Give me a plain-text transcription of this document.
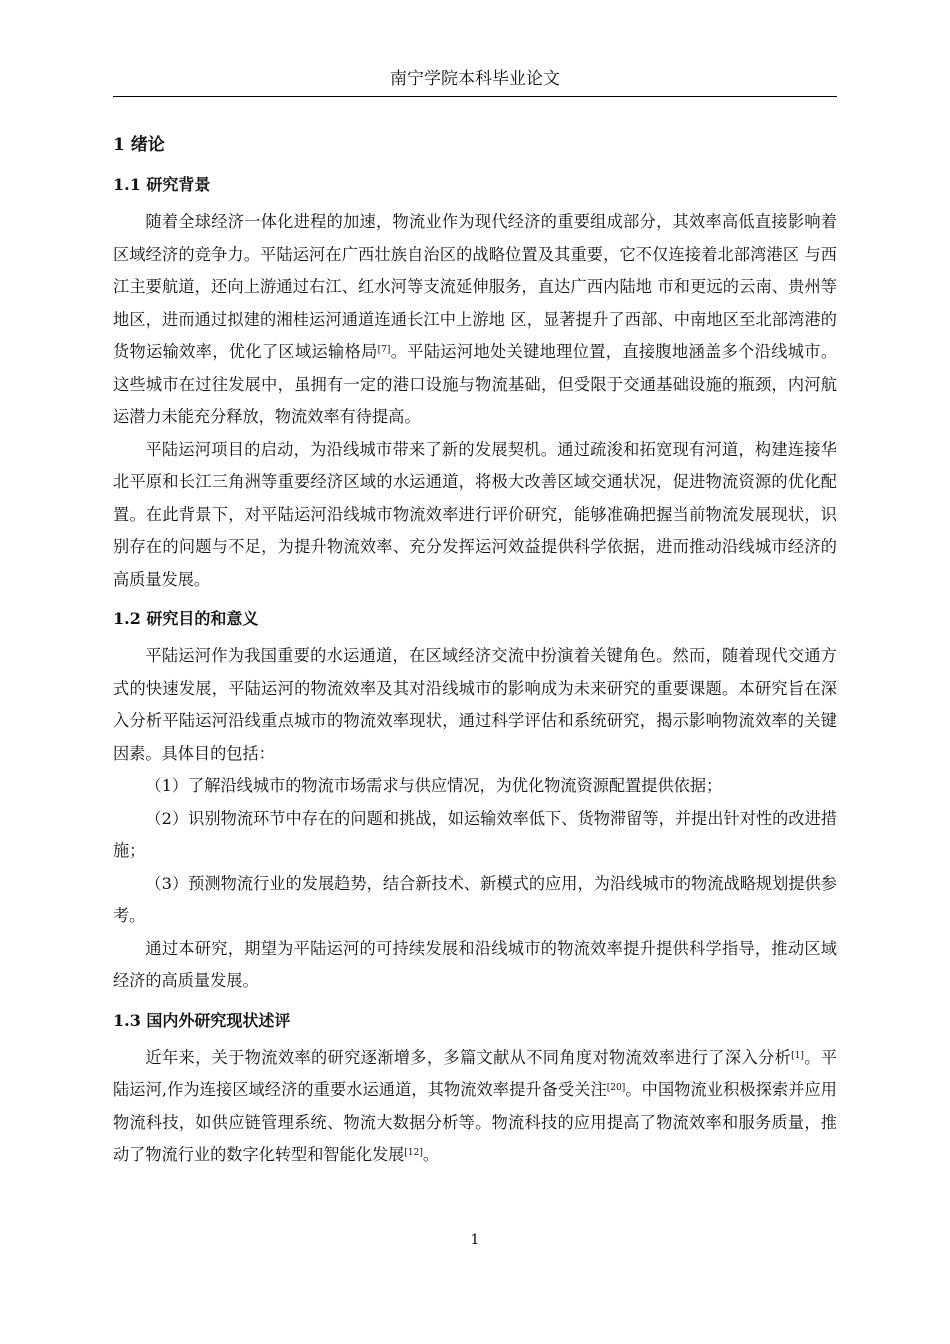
南宁学院本科毕业论文
1 绪论
1.1 研究背景

随着全球经济一体化进程的加速，物流业作为现代经济的重要组成部分，其效率高低直接影响着区域经济的竞争力。平陆运河在广西壮族自治区的战略位置及其重要，它不仅连接着北部湾港区 与西江主要航道，还向上游通过右江、红水河等支流延伸服务，直达广西内陆地 市和更远的云南、贵州等地区，进而通过拟建的湘桂运河通道连通长江中上游地 区，显著提升了西部、中南地区至北部湾港的货物运输效率，优化了区域运输格局[7]。平陆运河地处关键地理位置，直接腹地涵盖多个沿线城市。这些城市在过往发展中，虽拥有一定的港口设施与物流基础，但受限于交通基础设施的瓶颈，内河航运潜力未能充分释放，物流效率有待提高。

平陆运河项目的启动，为沿线城市带来了新的发展契机。通过疏浚和拓宽现有河道，构建连接华北平原和长江三角洲等重要经济区域的水运通道，将极大改善区域交通状况，促进物流资源的优化配置。在此背景下，对平陆运河沿线城市物流效率进行评价研究，能够准确把握当前物流发展现状，识别存在的问题与不足，为提升物流效率、充分发挥运河效益提供科学依据，进而推动沿线城市经济的高质量发展。

1.2 研究目的和意义

平陆运河作为我国重要的水运通道，在区域经济交流中扮演着关键角色。然而，随着现代交通方式的快速发展，平陆运河的物流效率及其对沿线城市的影响成为未来研究的重要课题。本研究旨在深入分析平陆运河沿线重点城市的物流效率现状，通过科学评估和系统研究，揭示影响物流效率的关键因素。具体目的包括：

（1）了解沿线城市的物流市场需求与供应情况，为优化物流资源配置提供依据；

（2）识别物流环节中存在的问题和挑战，如运输效率低下、货物滞留等，并提出针对性的改进措施；

（3）预测物流行业的发展趋势，结合新技术、新模式的应用，为沿线城市的物流战略规划提供参考。

通过本研究，期望为平陆运河的可持续发展和沿线城市的物流效率提升提供科学指导，推动区域经济的高质量发展。

1.3 国内外研究现状述评

近年来，关于物流效率的研究逐渐增多，多篇文献从不同角度对物流效率进行了深入分析[1]。平陆运河,作为连接区域经济的重要水运通道，其物流效率提升备受关注[20]。中国物流业积极探索并应用物流科技，如供应链管理系统、物流大数据分析等。物流科技的应用提高了物流效率和服务质量，推动了物流行业的数字化转型和智能化发展[12]。

1
